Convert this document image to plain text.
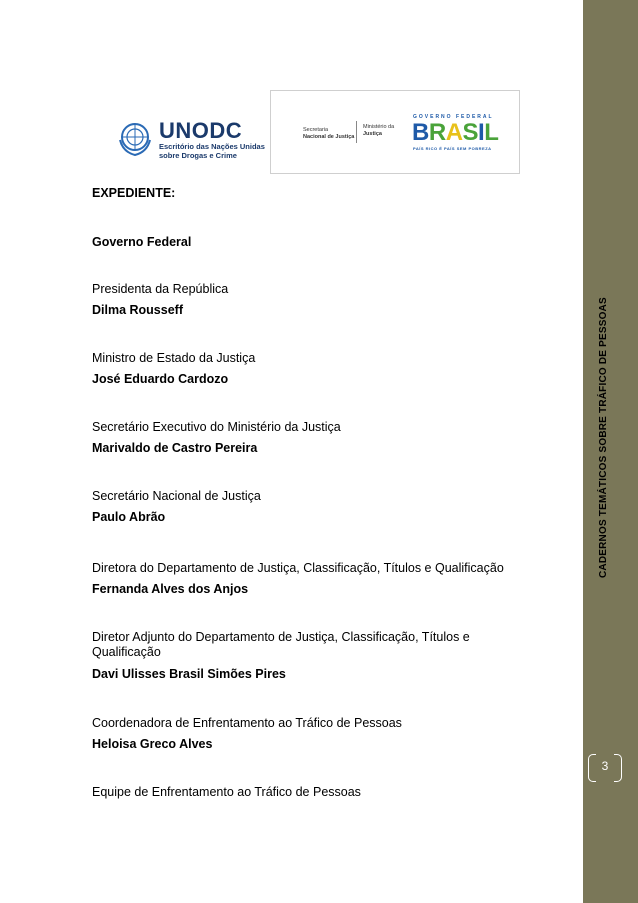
UNODC
Escritório das Nações Unidas
sobre Drogas e Crime
Secretaria
Nacional de Justiça
Ministério da
Justiça
GOVERNO FEDERAL
BRASIL
PAÍS RICO É PAÍS SEM POBREZA
EXPEDIENTE:
Governo Federal
Presidenta da República
Dilma Rousseff
Ministro de Estado da Justiça
José Eduardo Cardozo
Secretário Executivo do Ministério da Justiça
Marivaldo de Castro Pereira
Secretário Nacional de Justiça
Paulo Abrão
Diretora do Departamento de Justiça, Classificação, Títulos e Qualificação
Fernanda Alves dos Anjos
Diretor Adjunto do Departamento de Justiça, Classificação, Títulos e Qualificação
Davi Ulisses Brasil Simões Pires
Coordenadora de Enfrentamento ao Tráfico de Pessoas
Heloisa Greco Alves
Equipe de Enfrentamento ao Tráfico de Pessoas
CADERNOS TEMÁTICOS SOBRE TRÁFICO DE PESSOAS
3
